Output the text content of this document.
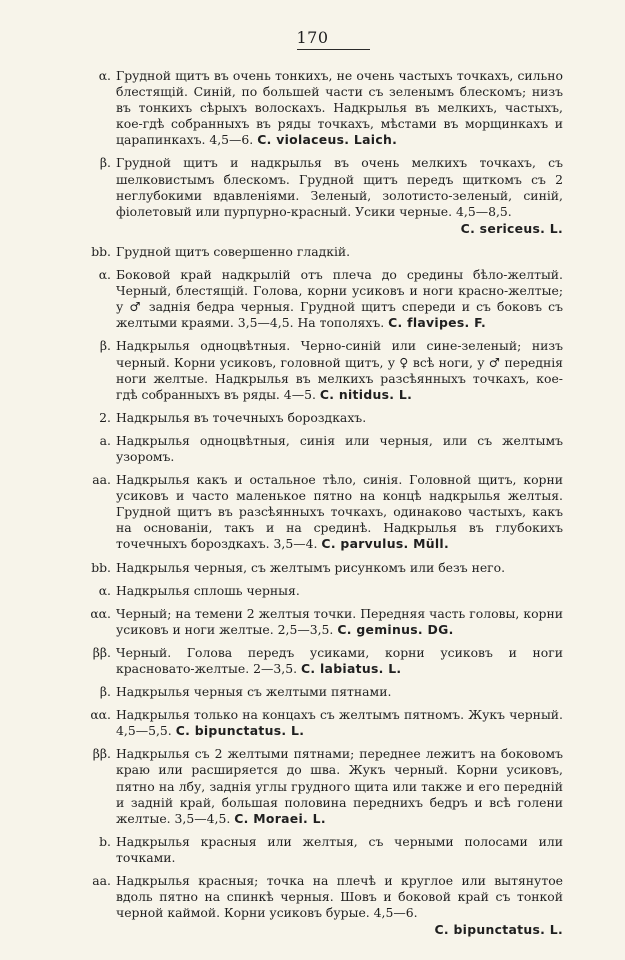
170
α. Грудной щитъ въ очень тонкихъ, не очень частыхъ точкахъ, сильно блестящій. Синій, по большей части съ зеленымъ блескомъ; низъ въ тонкихъ сѣрыхъ волоскахъ. Надкрылья въ мелкихъ, частыхъ, кое-гдѣ собранныхъ въ ряды точкахъ, мѣстами въ морщинкахъ и царапинкахъ. 4,5—6. C. violaceus. Laich.
β. Грудной щитъ и надкрылья въ очень мелкихъ точкахъ, съ шелковистымъ блескомъ. Грудной щитъ передъ щиткомъ съ 2 неглубокими вдавленіями. Зеленый, золотисто-зеленый, синій, фіолетовый или пурпурно-красный. Усики черные. 4,5—8,5.
C. sericeus. L.
bb. Грудной щитъ совершенно гладкій.
α. Боковой край надкрылій отъ плеча до средины бѣло-желтый. Черный, блестящій. Голова, корни усиковъ и ноги красно-желтые; у ♂ заднія бедра черныя. Грудной щитъ спереди и съ боковъ съ желтыми краями. 3,5—4,5. На тополяхъ. C. flavipes. F.
β. Надкрылья одноцвѣтныя. Черно-синій или сине-зеленый; низъ черный. Корни усиковъ, головной щитъ, у ♀ всѣ ноги, у ♂ переднія ноги желтые. Надкрылья въ мелкихъ разсѣянныхъ точкахъ, кое-гдѣ собранныхъ въ ряды. 4—5. C. nitidus. L.
2. Надкрылья въ точечныхъ бороздкахъ.
a. Надкрылья одноцвѣтныя, синія или черныя, или съ желтымъ узоромъ.
aa. Надкрылья какъ и остальное тѣло, синія. Головной щитъ, корни усиковъ и часто маленькое пятно на концѣ надкрылья желтыя. Грудной щитъ въ разсѣянныхъ точкахъ, одинаково частыхъ, какъ на основаніи, такъ и на срединѣ. Надкрылья въ глубокихъ точечныхъ бороздкахъ. 3,5—4. C. parvulus. Müll.
bb. Надкрылья черныя, съ желтымъ рисункомъ или безъ него.
α. Надкрылья сплошь черныя.
αα. Черный; на темени 2 желтыя точки. Передняя часть головы, корни усиковъ и ноги желтые. 2,5—3,5. C. geminus. DG.
ββ. Черный. Голова передъ усиками, корни усиковъ и ноги красновато-желтые. 2—3,5. C. labiatus. L.
β. Надкрылья черныя съ желтыми пятнами.
αα. Надкрылья только на концахъ съ желтымъ пятномъ. Жукъ черный. 4,5—5,5. C. bipunctatus. L.
ββ. Надкрылья съ 2 желтыми пятнами; переднее лежитъ на боковомъ краю или расширяется до шва. Жукъ черный. Корни усиковъ, пятно на лбу, заднія углы грудного щита или также и его передній и задній край, большая половина переднихъ бедръ и всѣ голени желтые. 3,5—4,5. C. Moraei. L.
b. Надкрылья красныя или желтыя, съ черными полосами или точками.
aa. Надкрылья красныя; точка на плечѣ и круглое или вытянутое вдоль пятно на спинкѣ черныя. Шовъ и боковой край съ тонкой черной каймой. Корни усиковъ бурые. 4,5—6.
C. bipunctatus. L.
